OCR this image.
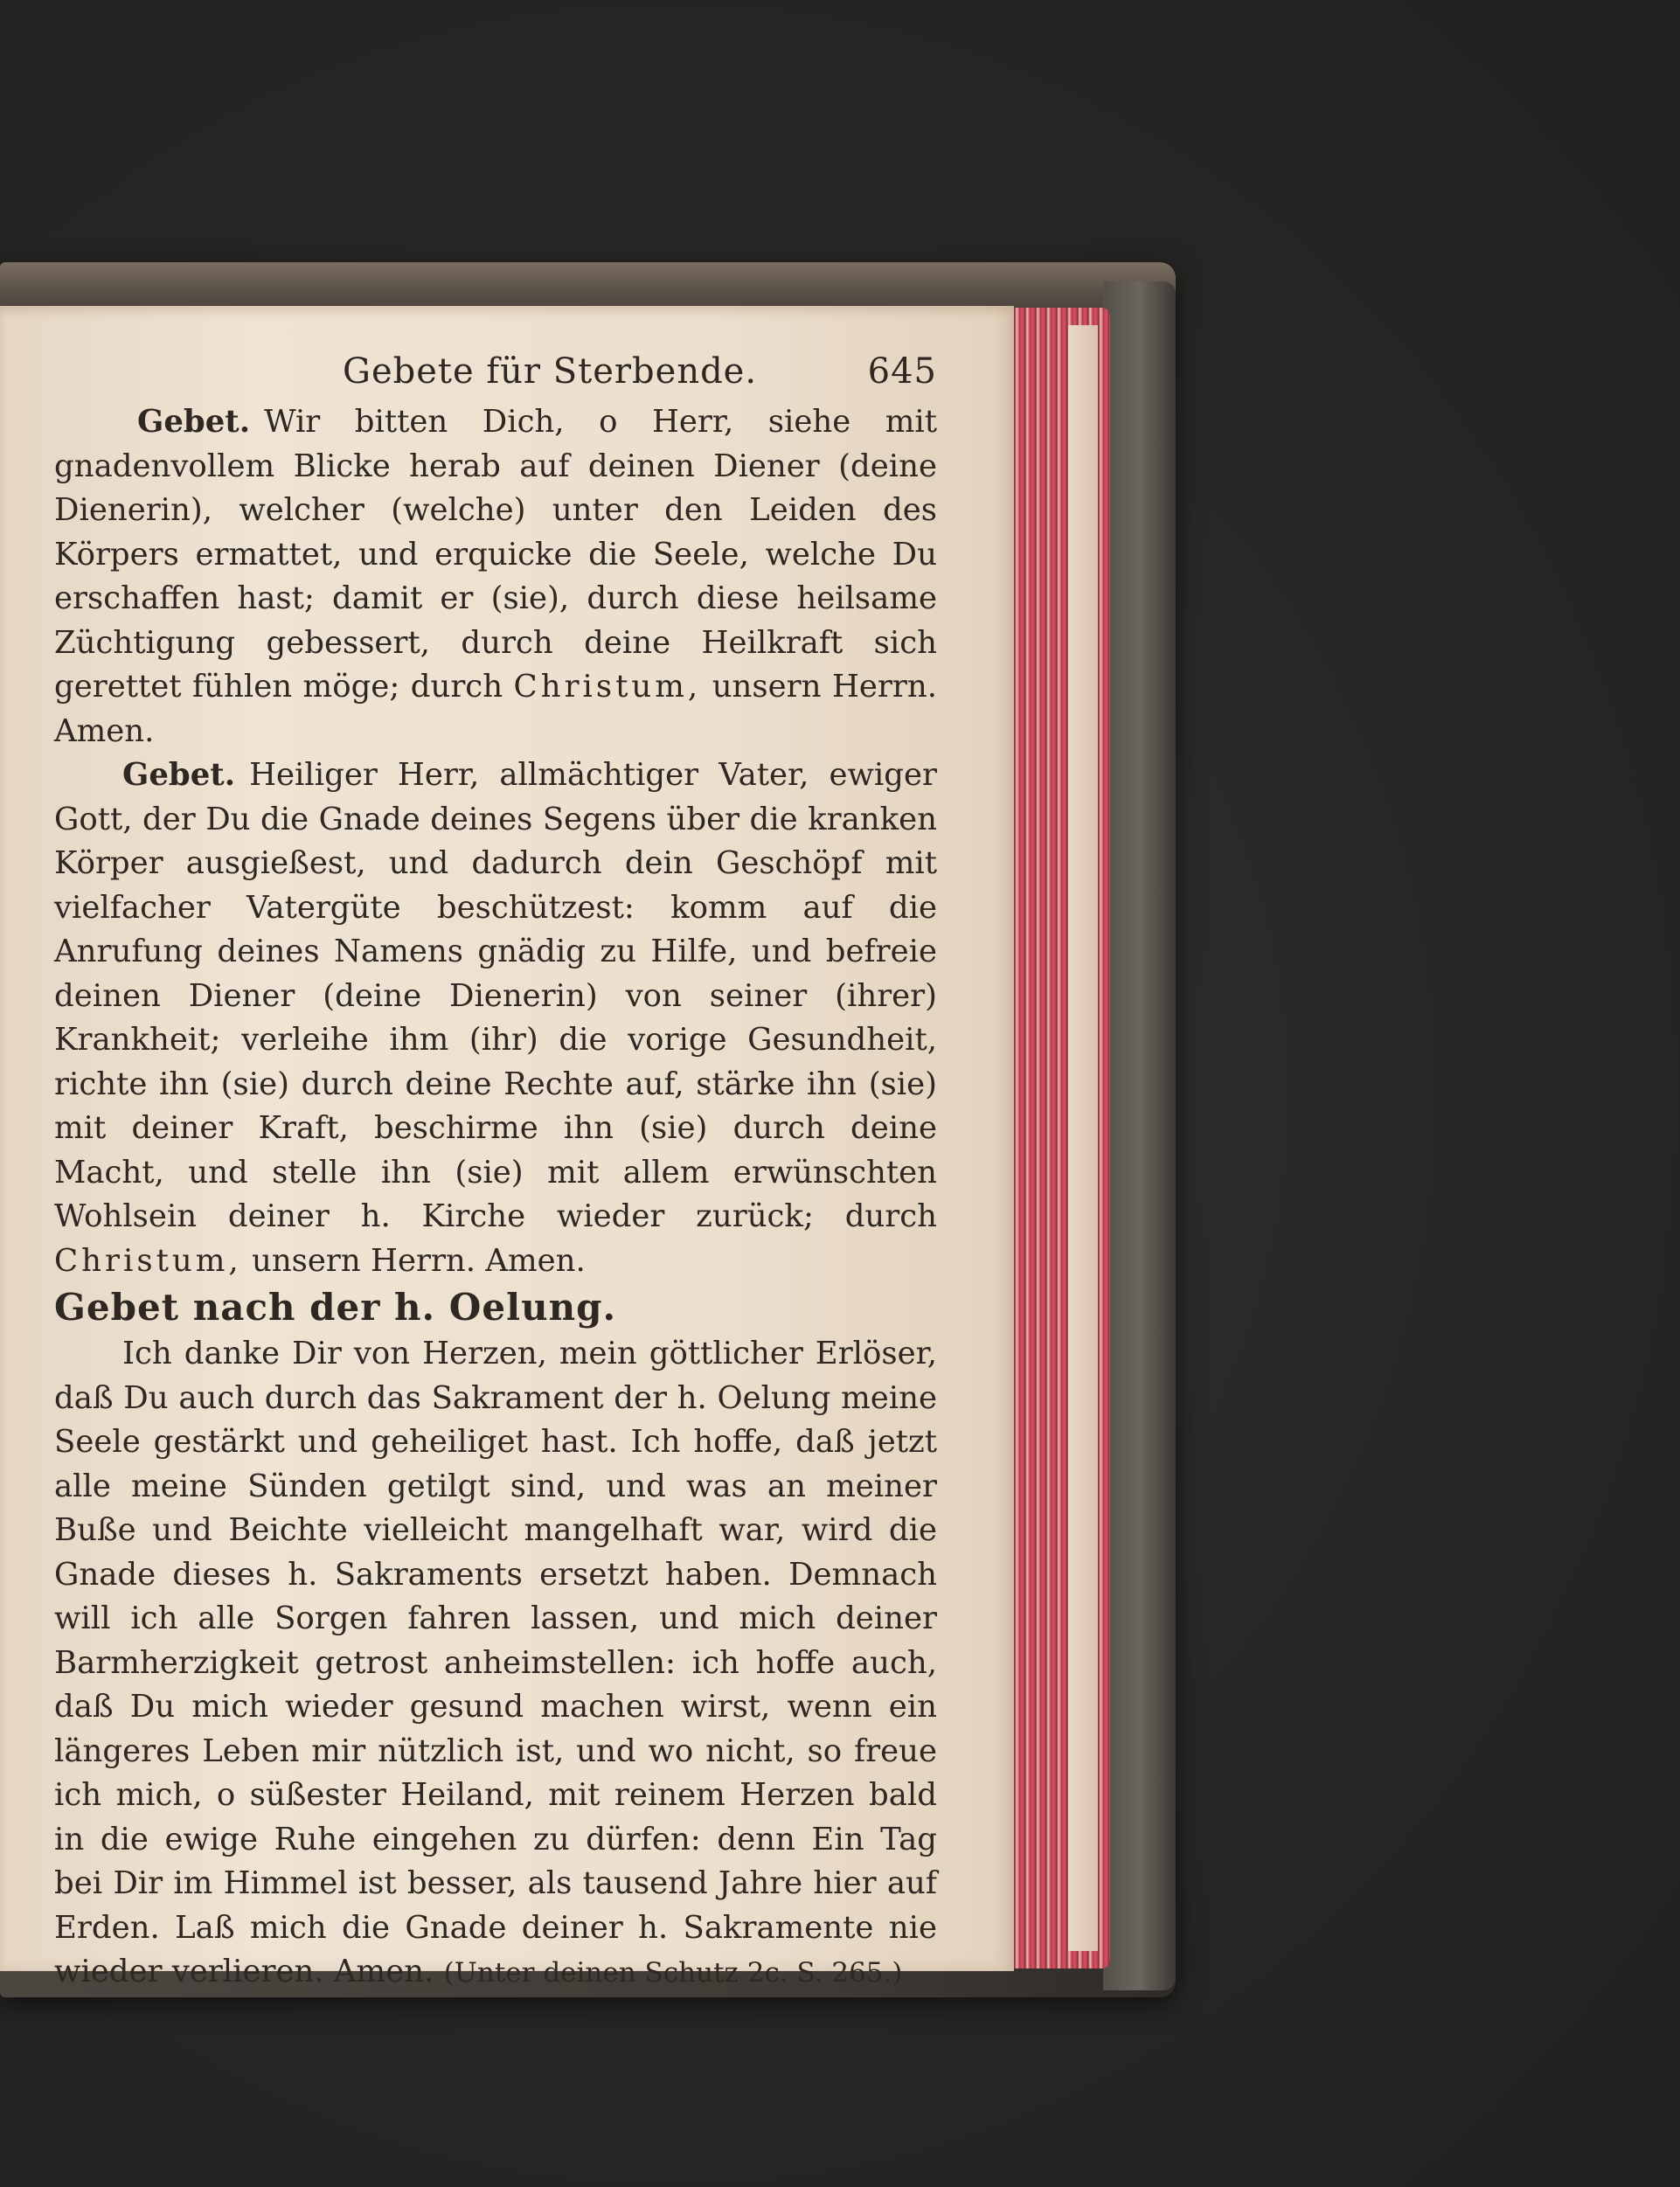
Gebete für Sterbende.	645

Gebet. Wir bitten Dich, o Herr, siehe mit gnadenvollem Blicke herab auf deinen Diener (deine Dienerin), welcher (welche) unter den Leiden des Körpers ermattet, und erquicke die Seele, welche Du erschaffen hast; damit er (sie), durch diese heilsame Züchtigung gebessert, durch deine Heilkraft sich gerettet fühlen möge; durch Christum, unsern Herrn. Amen.

Gebet. Heiliger Herr, allmächtiger Vater, ewiger Gott, der Du die Gnade deines Segens über die kranken Körper ausgießest, und dadurch dein Geschöpf mit vielfacher Vatergüte beschützest: komm auf die Anrufung deines Namens gnädig zu Hilfe, und befreie deinen Diener (deine Dienerin) von seiner (ihrer) Krankheit; verleihe ihm (ihr) die vorige Gesundheit, richte ihn (sie) durch deine Rechte auf, stärke ihn (sie) mit deiner Kraft, beschirme ihn (sie) durch deine Macht, und stelle ihn (sie) mit allem erwünschten Wohlsein deiner h. Kirche wieder zurück; durch Christum, unsern Herrn. Amen.

Gebet nach der h. Oelung.

Ich danke Dir von Herzen, mein göttlicher Erlöser, daß Du auch durch das Sakrament der h. Oelung meine Seele gestärkt und geheiliget hast. Ich hoffe, daß jetzt alle meine Sünden getilgt sind, und was an meiner Buße und Beichte vielleicht mangelhaft war, wird die Gnade dieses h. Sakraments ersetzt haben. Demnach will ich alle Sorgen fahren lassen, und mich deiner Barmherzigkeit getrost anheimstellen: ich hoffe auch, daß Du mich wieder gesund machen wirst, wenn ein längeres Leben mir nützlich ist, und wo nicht, so freue ich mich, o süßester Heiland, mit reinem Herzen bald in die ewige Ruhe eingehen zu dürfen: denn Ein Tag bei Dir im Himmel ist besser, als tausend Jahre hier auf Erden. Laß mich die Gnade deiner h. Sakramente nie wieder verlieren. Amen. (Unter deinen Schutz 2c. S. 265.)
